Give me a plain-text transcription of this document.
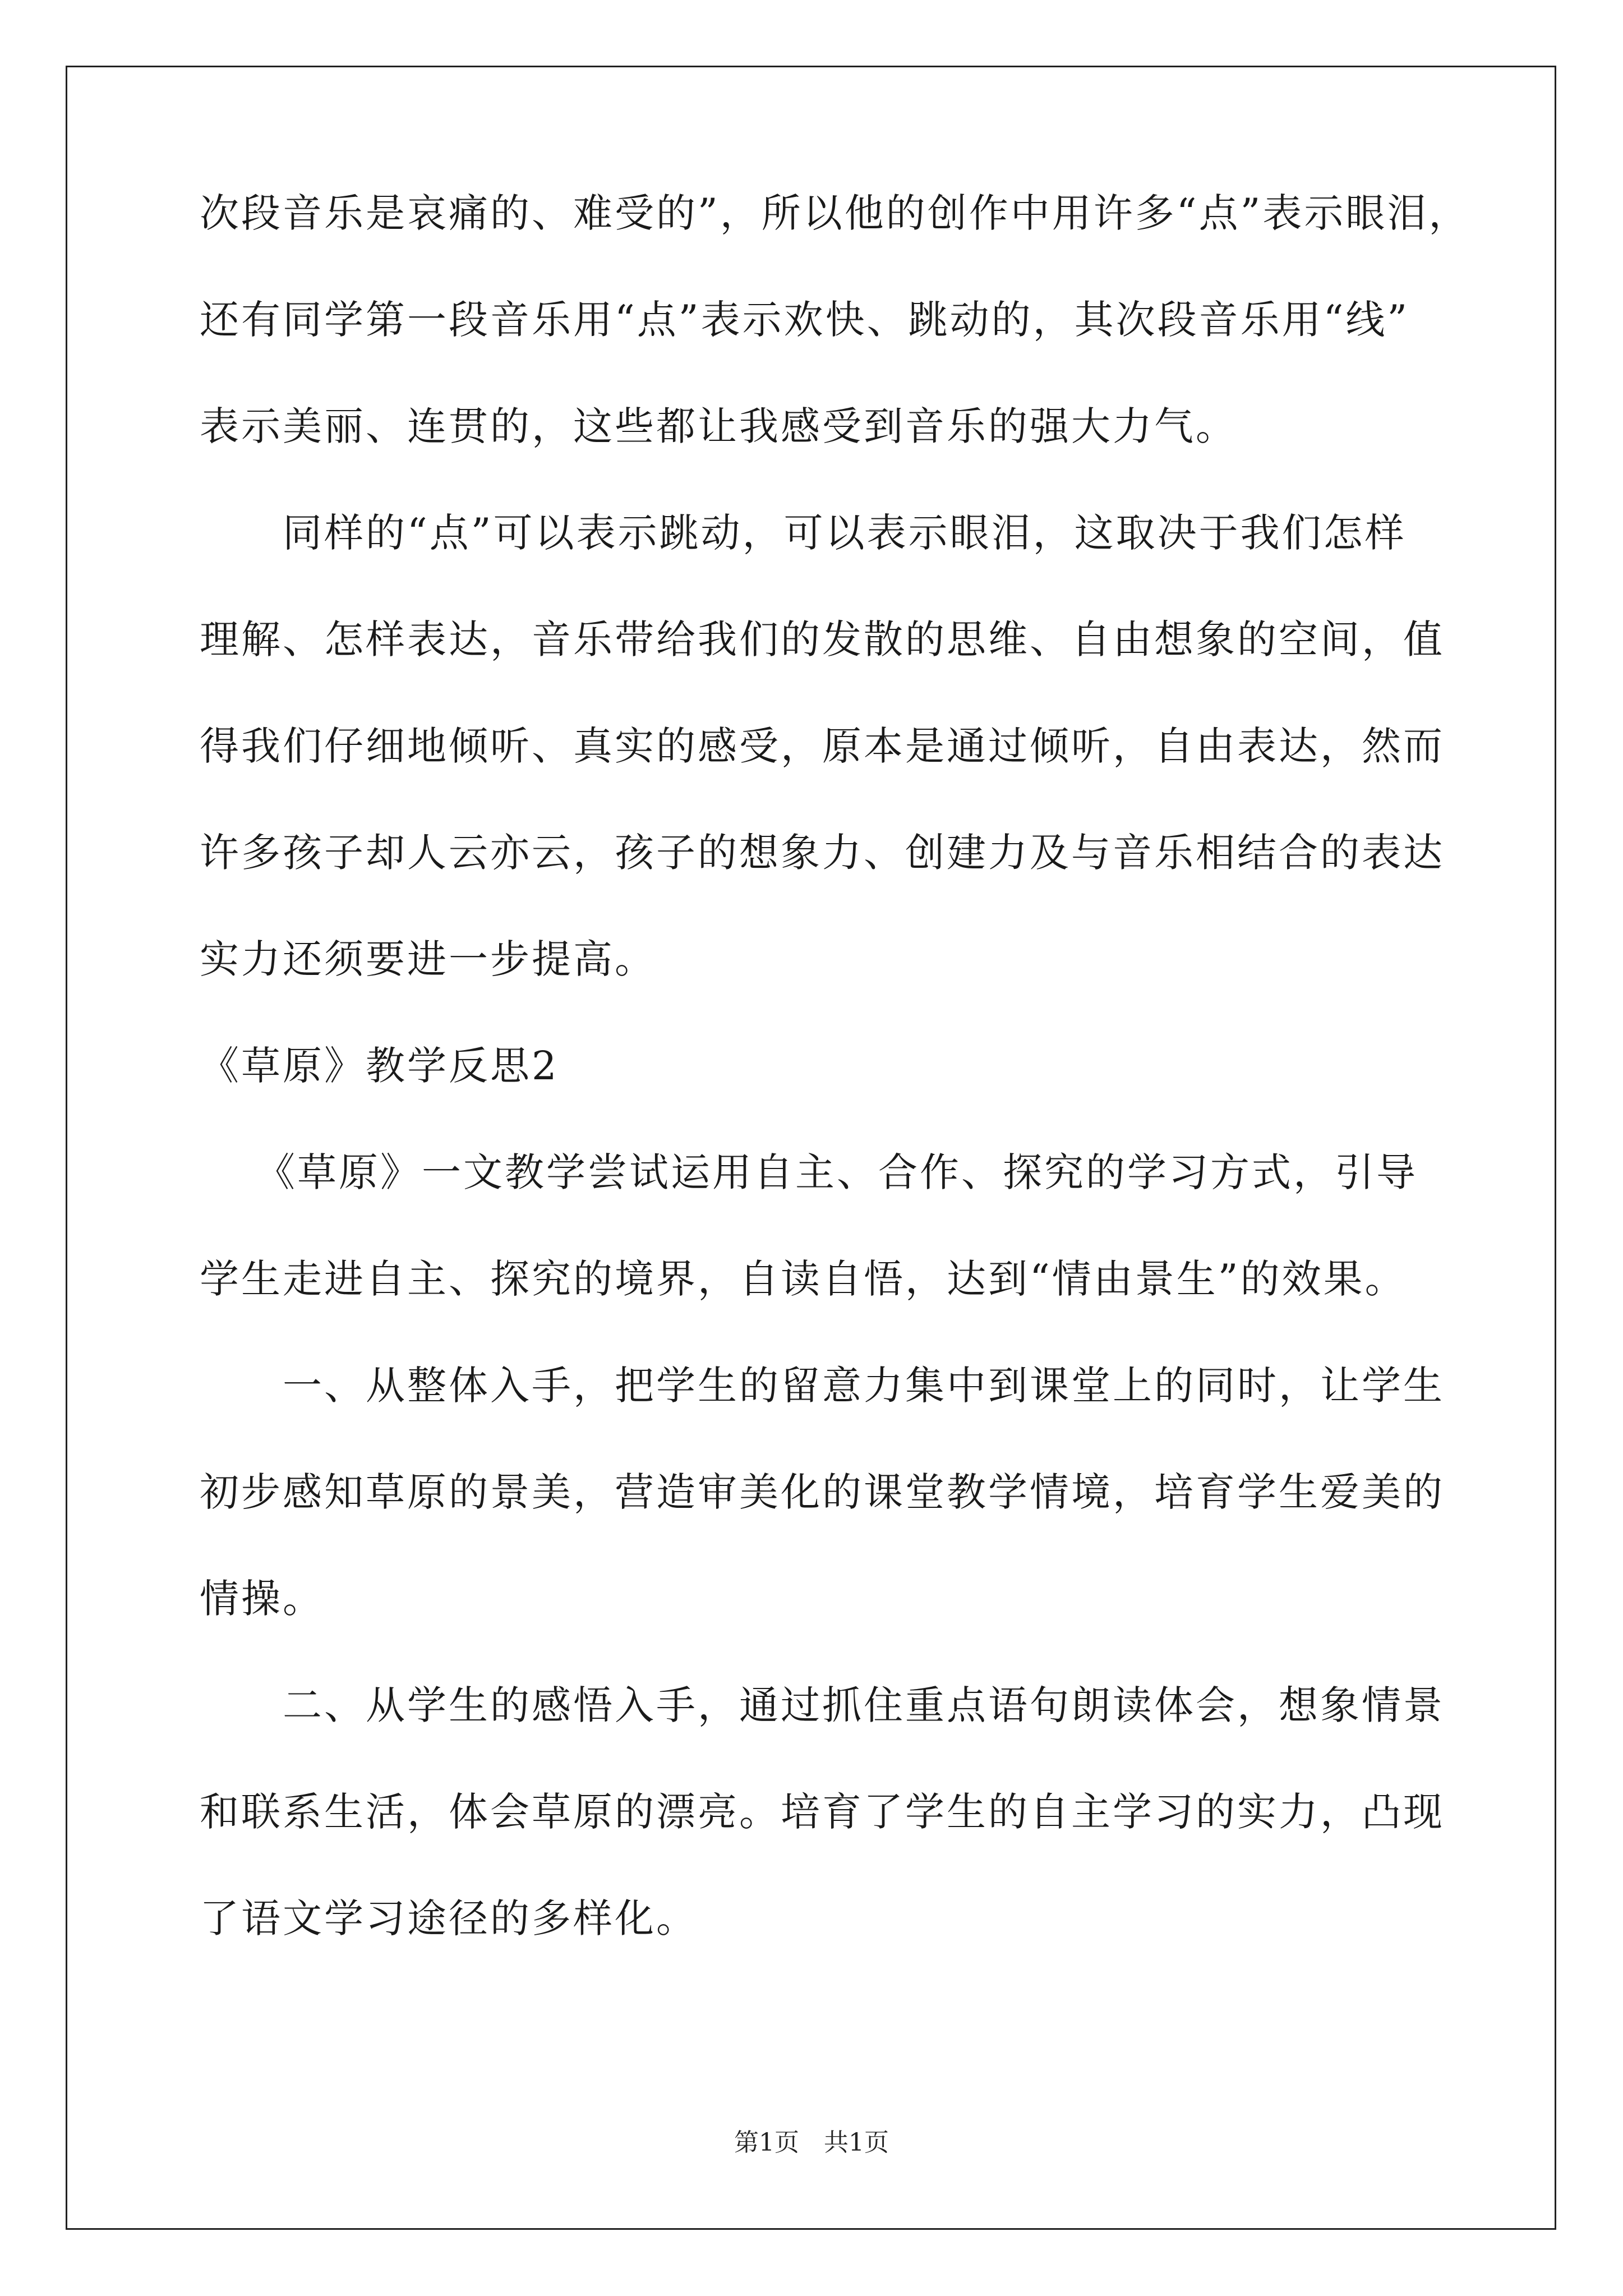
次段音乐是哀痛的、难受的”，所以他的创作中用许多“点”表示眼泪，
还有同学第一段音乐用“点”表示欢快、跳动的，其次段音乐用“线”
表示美丽、连贯的，这些都让我感受到音乐的强大力气。
同样的“点”可以表示跳动，可以表示眼泪，这取决于我们怎样
理解、怎样表达，音乐带给我们的发散的思维、自由想象的空间，值
得我们仔细地倾听、真实的感受，原本是通过倾听，自由表达，然而
许多孩子却人云亦云，孩子的想象力、创建力及与音乐相结合的表达
实力还须要进一步提高。
《草原》教学反思2
《草原》一文教学尝试运用自主、合作、探究的学习方式，引导
学生走进自主、探究的境界，自读自悟，达到“情由景生”的效果。
一、从整体入手，把学生的留意力集中到课堂上的同时，让学生
初步感知草原的景美，营造审美化的课堂教学情境，培育学生爱美的
情操。
二、从学生的感悟入手，通过抓住重点语句朗读体会，想象情景
和联系生活，体会草原的漂亮。培育了学生的自主学习的实力，凸现
了语文学习途径的多样化。
第1页 共1页
